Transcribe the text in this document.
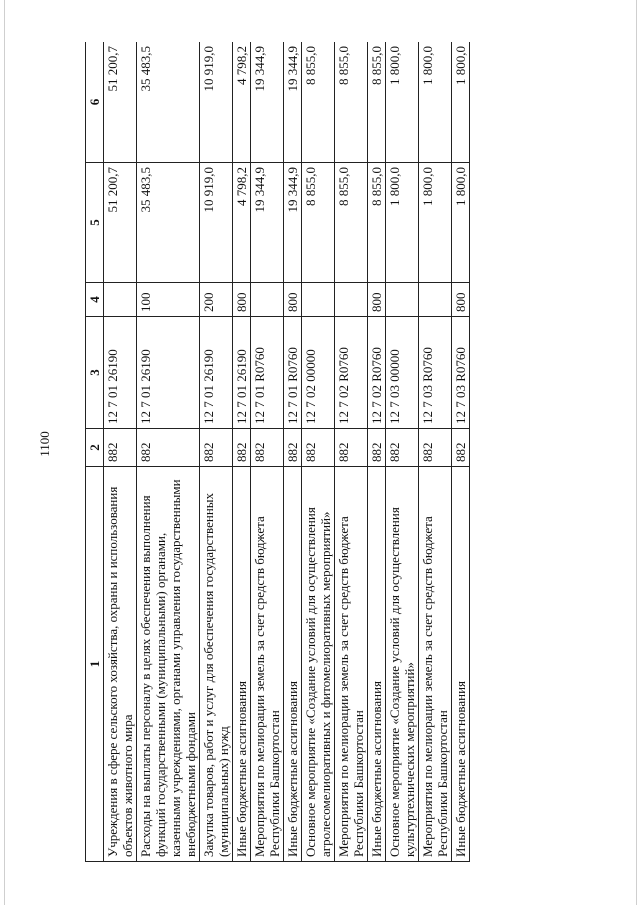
1100
1	2	3	4	5	6
Учреждения в сфере сельского хозяйства, охраны и использования объектов животного мира	882	12 7 01 26190		51 200,7	51 200,7
Расходы на выплаты персоналу в целях обеспечения выполнения функций государственными (муниципальными) органами, казенными учреждениями, органами управления государственными внебюджетными фондами	882	12 7 01 26190	100	35 483,5	35 483,5
Закупка товаров, работ и услуг для обеспечения государственных (муниципальных) нужд	882	12 7 01 26190	200	10 919,0	10 919,0
Иные бюджетные ассигнования	882	12 7 01 26190	800	4 798,2	4 798,2
Мероприятия по мелиорации земель за счет средств бюджета Республики Башкортостан	882	12 7 01 R0760		19 344,9	19 344,9
Иные бюджетные ассигнования	882	12 7 01 R0760	800	19 344,9	19 344,9
Основное мероприятие «Создание условий для осуществления агролесомелиоративных и фитомелиоративных мероприятий»	882	12 7 02 00000		8 855,0	8 855,0
Мероприятия по мелиорации земель за счет средств бюджета Республики Башкортостан	882	12 7 02 R0760		8 855,0	8 855,0
Иные бюджетные ассигнования	882	12 7 02 R0760	800	8 855,0	8 855,0
Основное мероприятие «Создание условий для осуществления культуртехнических мероприятий»	882	12 7 03 00000		1 800,0	1 800,0
Мероприятия по мелиорации земель за счет средств бюджета Республики Башкортостан	882	12 7 03 R0760		1 800,0	1 800,0
Иные бюджетные ассигнования	882	12 7 03 R0760	800	1 800,0	1 800,0
